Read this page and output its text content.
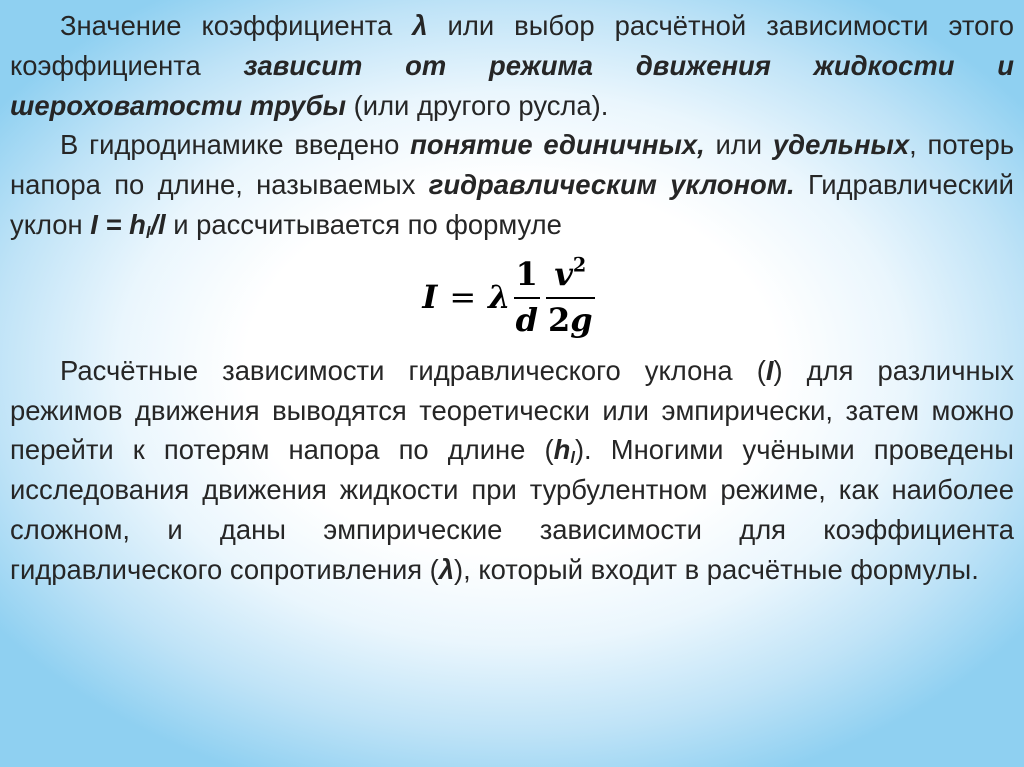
Значение коэффициента λ или выбор расчётной зависимости этого коэффициента зависит от режима движения жидкости и шероховатости трубы (или другого русла).

В гидродинамике введено понятие единичных, или удельных, потерь напора по длине, называемых гидравлическим уклоном. Гидравлический уклон $I = h_l/l$ и рассчитывается по формуле

I = λ $\frac{1}{d} \frac{v^2}{2g}$

Расчётные зависимости гидравлического уклона (I) для различных режимов движения выводятся теоретически или эмпирически, затем можно перейти к потерям напора по длине $(h_l)$. Многими учёными проведены исследования движения жидкости при турбулентном режиме, как наиболее сложном, и даны эмпирические зависимости для коэффициента гидравлического сопротивления (λ), который входит в расчётные формулы.
